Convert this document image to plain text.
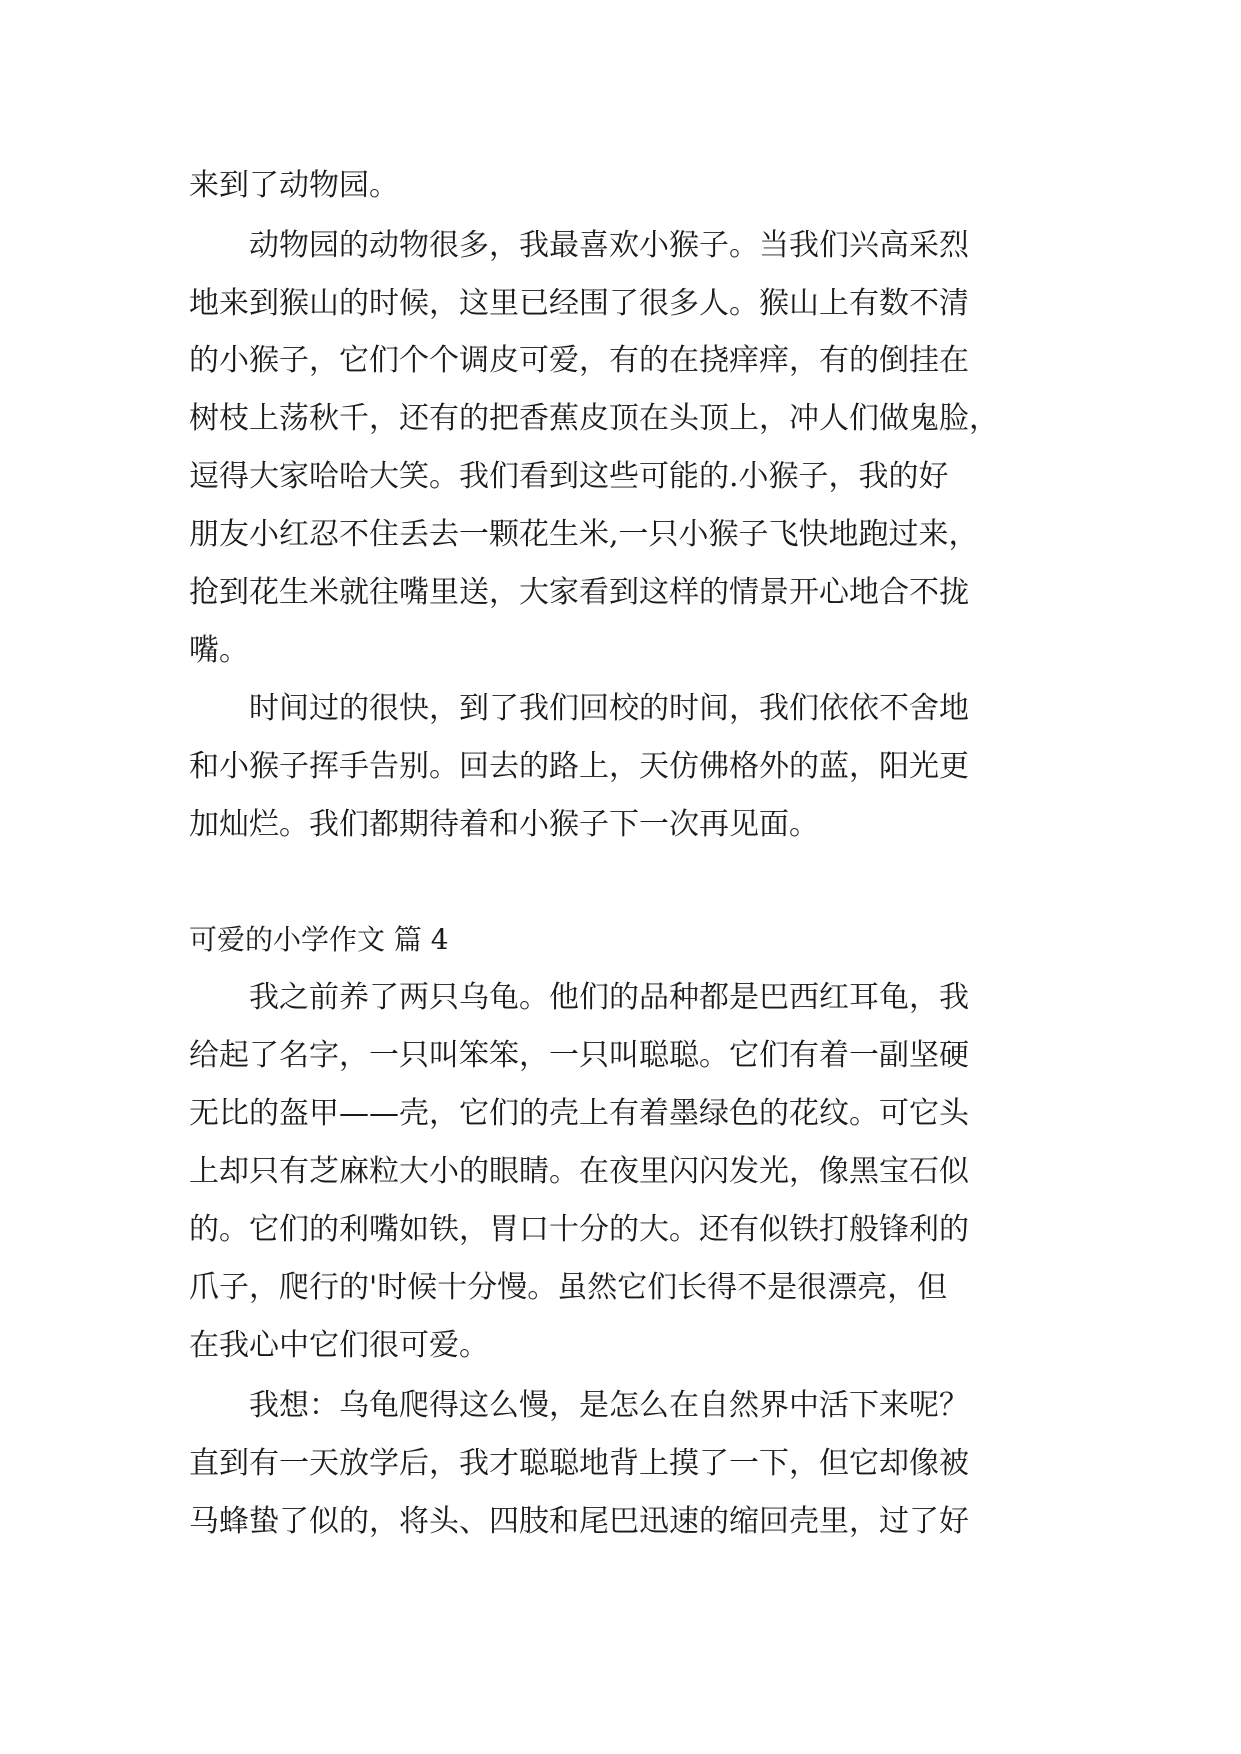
来到了动物园。
　　动物园的动物很多，我最喜欢小猴子。当我们兴高采烈
地来到猴山的时候，这里已经围了很多人。猴山上有数不清
的小猴子，它们个个调皮可爱，有的在挠痒痒，有的倒挂在
树枝上荡秋千，还有的把香蕉皮顶在头顶上，冲人们做鬼脸，
逗得大家哈哈大笑。我们看到这些可能的.小猴子，我的好
朋友小红忍不住丢去一颗花生米,一只小猴子飞快地跑过来，
抢到花生米就往嘴里送，大家看到这样的情景开心地合不拢
嘴。
　　时间过的很快，到了我们回校的时间，我们依依不舍地
和小猴子挥手告别。回去的路上，天仿佛格外的蓝，阳光更
加灿烂。我们都期待着和小猴子下一次再见面。
可爱的小学作文 篇 4
　　我之前养了两只乌龟。他们的品种都是巴西红耳龟，我
给起了名字，一只叫笨笨，一只叫聪聪。它们有着一副坚硬
无比的盔甲——壳，它们的壳上有着墨绿色的花纹。可它头
上却只有芝麻粒大小的眼睛。在夜里闪闪发光，像黑宝石似
的。它们的利嘴如铁，胃口十分的大。还有似铁打般锋利的
爪子，爬行的'时候十分慢。虽然它们长得不是很漂亮，但
在我心中它们很可爱。
　　我想：乌龟爬得这么慢，是怎么在自然界中活下来呢？
直到有一天放学后，我才聪聪地背上摸了一下，但它却像被
马蜂蛰了似的，将头、四肢和尾巴迅速的缩回壳里，过了好
